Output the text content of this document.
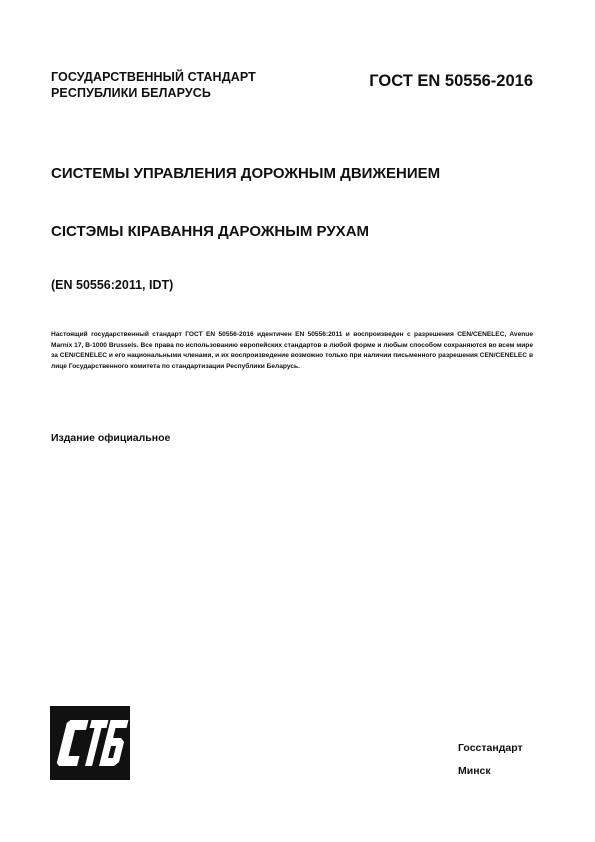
ГОСУДАРСТВЕННЫЙ СТАНДАРТ
РЕСПУБЛИКИ БЕЛАРУСЬ
ГОСТ EN 50556-2016
СИСТЕМЫ УПРАВЛЕНИЯ ДОРОЖНЫМ ДВИЖЕНИЕМ
СІСТЭМЫ КІРАВАННЯ ДАРОЖНЫМ РУХАМ
(EN 50556:2011, IDT)
Настоящий государственный стандарт ГОСТ EN 50556-2016 идентичен EN 50556:2011 и воспроизведен с разрешения CEN/CENELEC, Avenue Marnix 17, B-1000 Brussels. Все права по использованию европейских стандартов в любой форме и любым способом сохраняются во всем мире за CEN/CENELEC и его национальными членами, и их воспроизведение возможно только при наличии письменного разрешения CEN/CENELEC в лице Государственного комитета по стандартизации Республики Беларусь.
Издание официальное
Госстандарт
Минск
